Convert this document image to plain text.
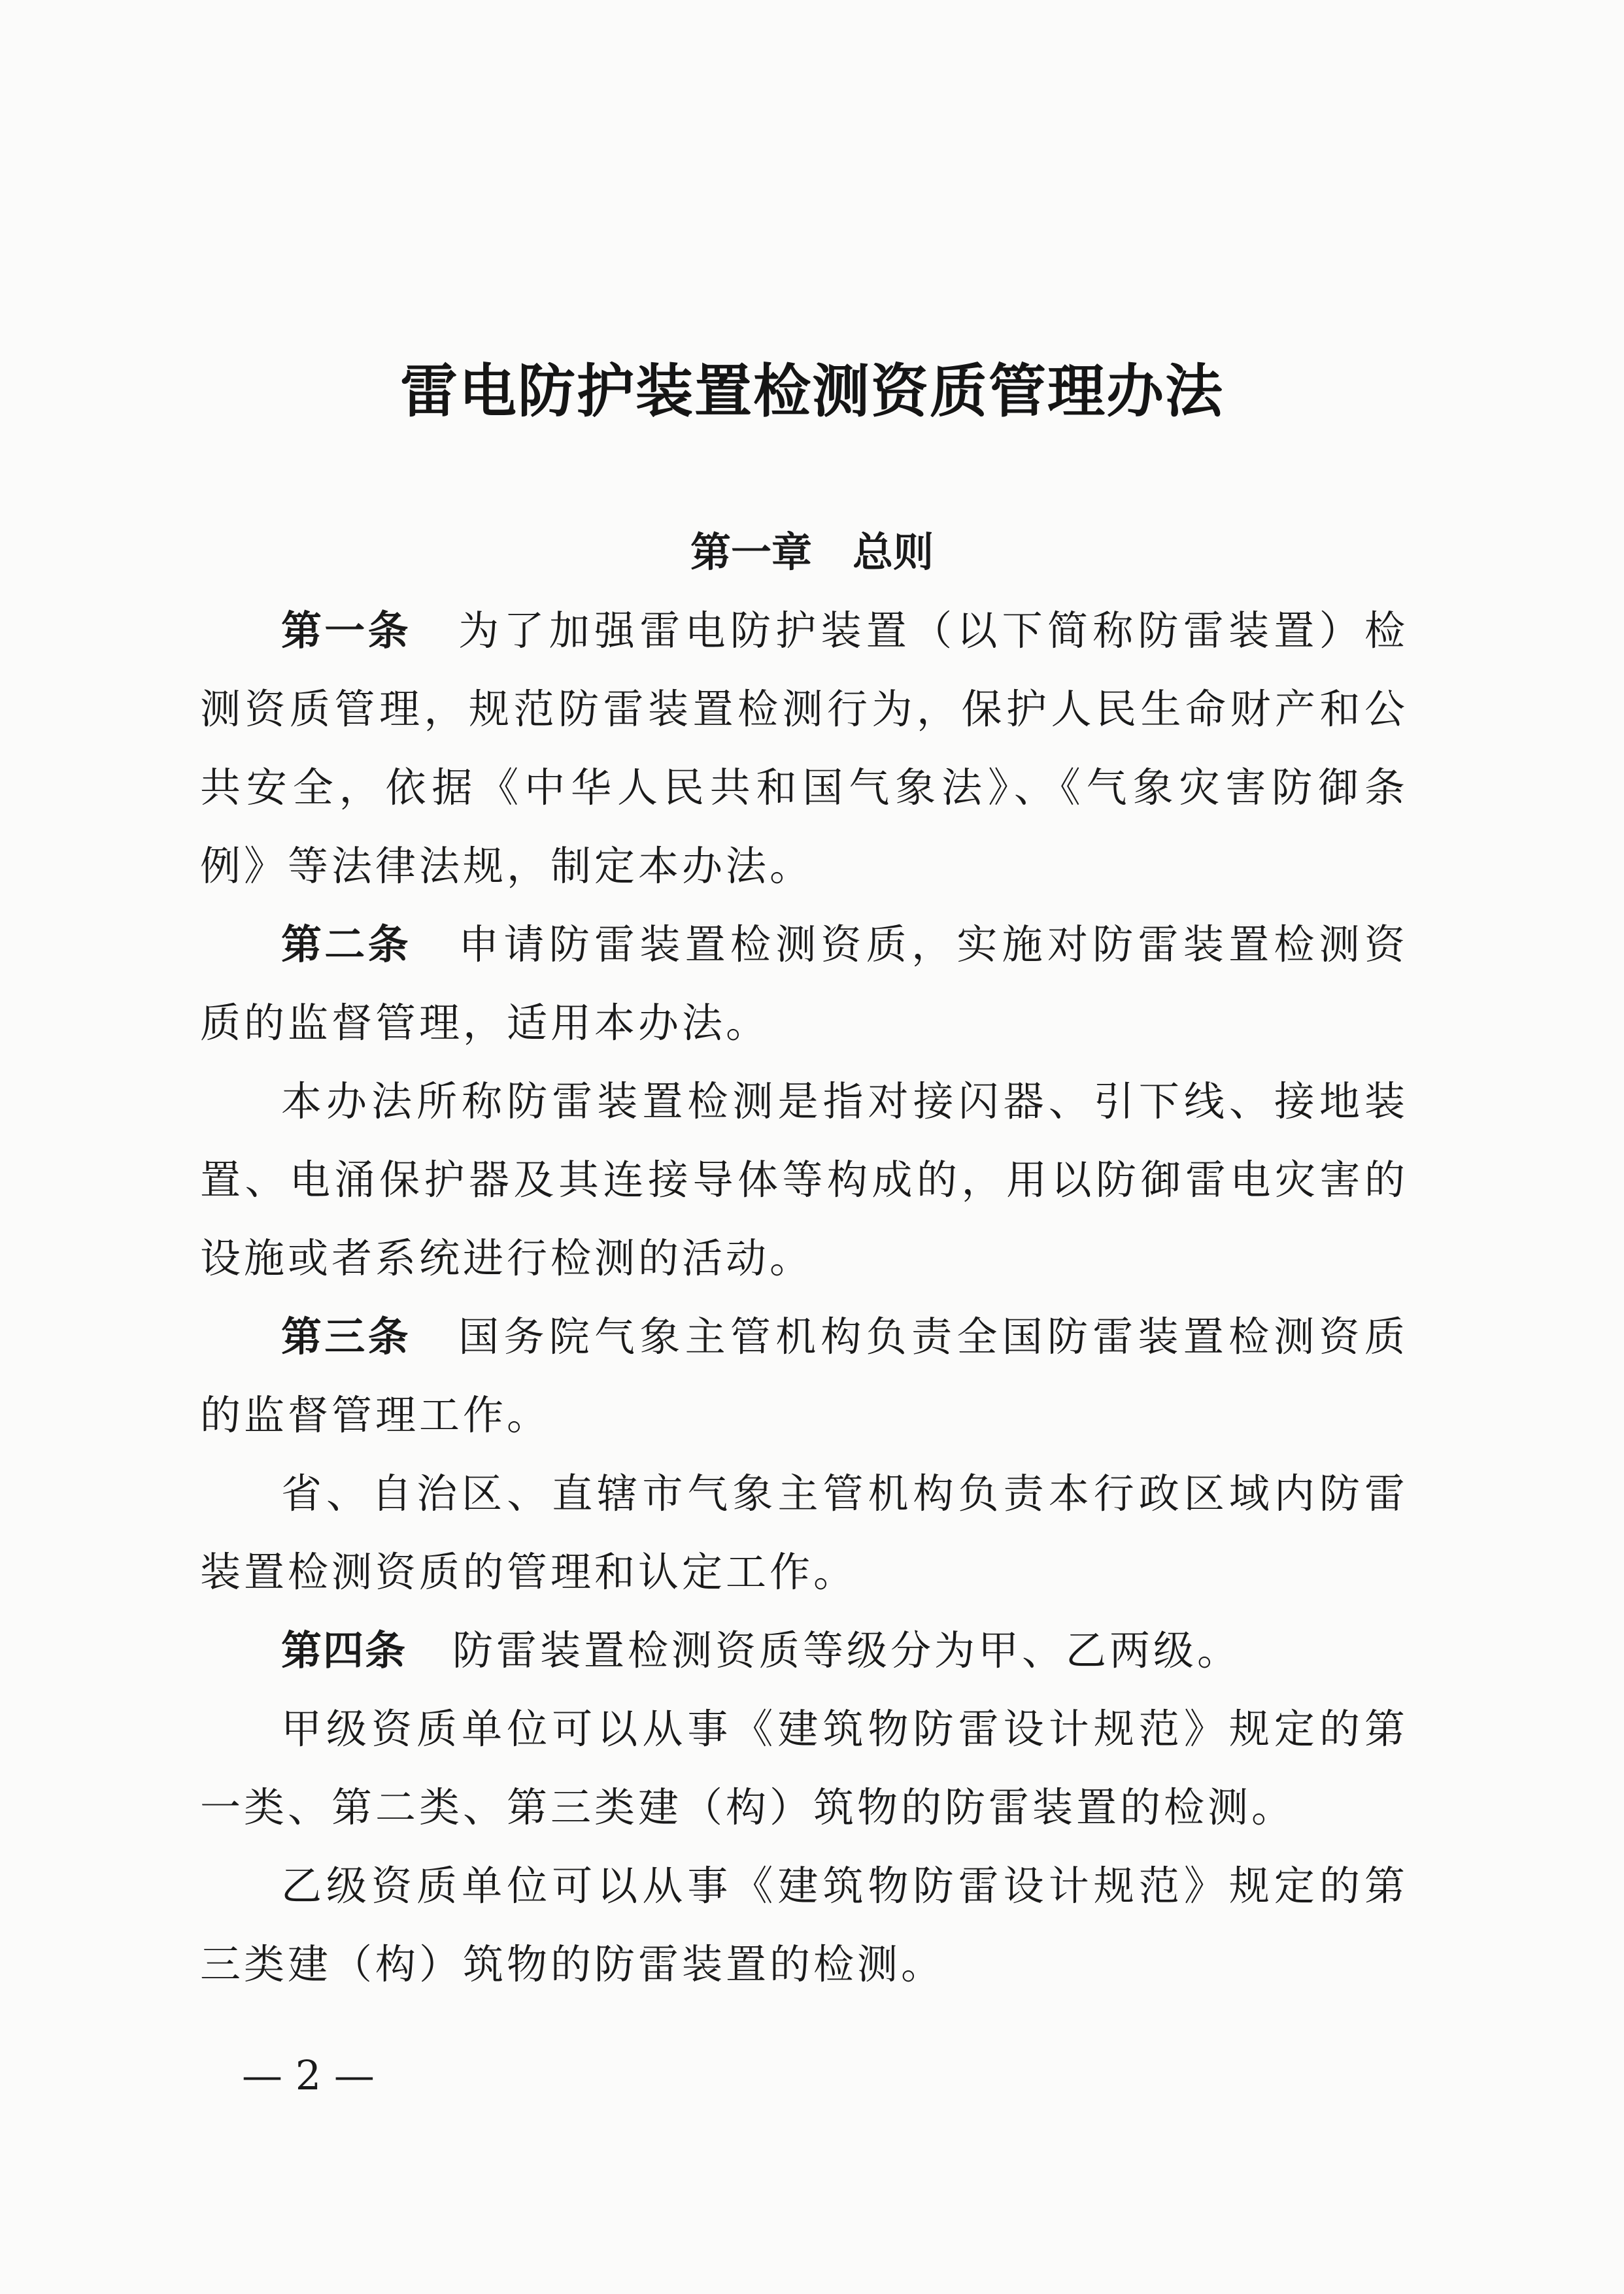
雷电防护装置检测资质管理办法
第一章　总则

第一条 为了加强雷电防护装置（以下简称防雷装置）检测资质管理，规范防雷装置检测行为，保护人民生命财产和公共安全，依据《中华人民共和国气象法》、《气象灾害防御条例》等法律法规，制定本办法。

第二条 申请防雷装置检测资质，实施对防雷装置检测资质的监督管理，适用本办法。

本办法所称防雷装置检测是指对接闪器、引下线、接地装置、电涌保护器及其连接导体等构成的，用以防御雷电灾害的设施或者系统进行检测的活动。

第三条 国务院气象主管机构负责全国防雷装置检测资质的监督管理工作。

省、自治区、直辖市气象主管机构负责本行政区域内防雷装置检测资质的管理和认定工作。

第四条 防雷装置检测资质等级分为甲、乙两级。

甲级资质单位可以从事《建筑物防雷设计规范》规定的第一类、第二类、第三类建（构）筑物的防雷装置的检测。

乙级资质单位可以从事《建筑物防雷设计规范》规定的第三类建（构）筑物的防雷装置的检测。

— 2 —
